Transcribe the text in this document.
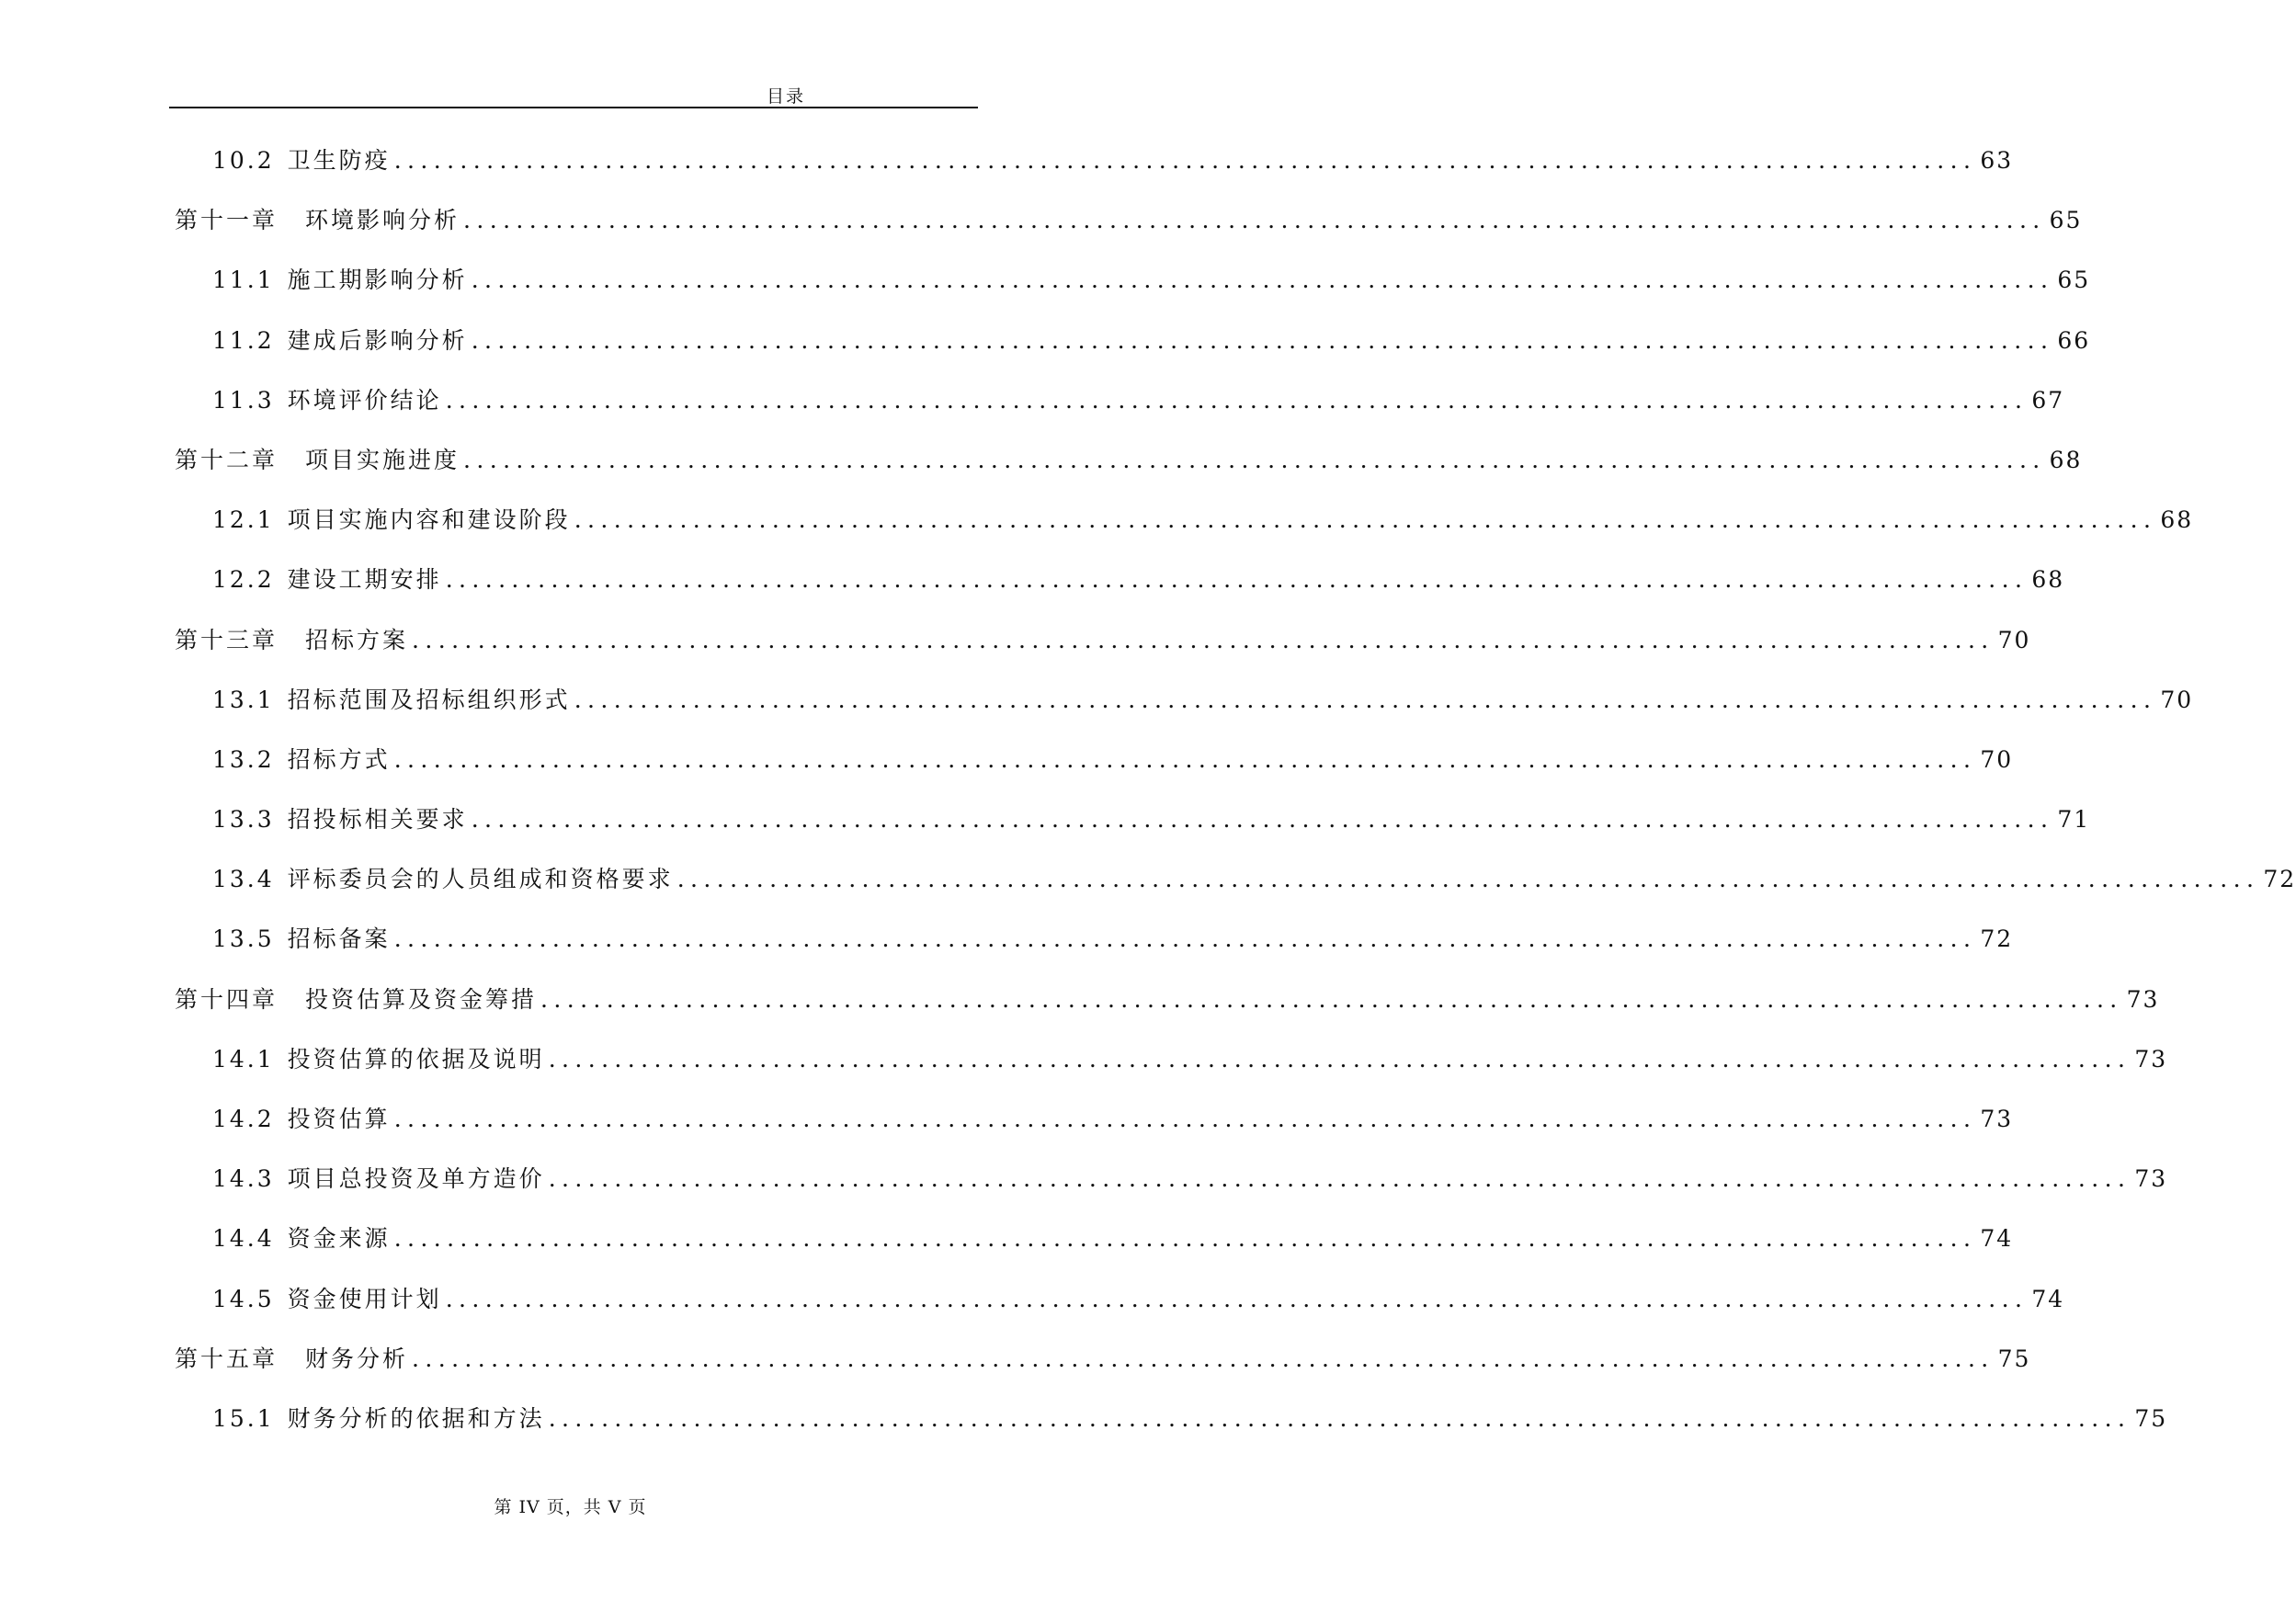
目录
10.2 卫生防疫 ........................................................................................................................ 63
第十一章	环境影响分析 ........................................................................................................................ 65
11.1 施工期影响分析 ........................................................................................................................ 65
11.2 建成后影响分析 ........................................................................................................................ 66
11.3 环境评价结论 ........................................................................................................................ 67
第十二章	项目实施进度 ........................................................................................................................ 68
12.1 项目实施内容和建设阶段 ........................................................................................................................ 68
12.2 建设工期安排 ........................................................................................................................ 68
第十三章	招标方案 ........................................................................................................................ 70
13.1 招标范围及招标组织形式 ........................................................................................................................ 70
13.2 招标方式 ........................................................................................................................ 70
13.3 招投标相关要求 ........................................................................................................................ 71
13.4 评标委员会的人员组成和资格要求 ........................................................................................................................ 72
13.5 招标备案 ........................................................................................................................ 72
第十四章	投资估算及资金筹措 ........................................................................................................................ 73
14.1 投资估算的依据及说明 ........................................................................................................................ 73
14.2 投资估算 ........................................................................................................................ 73
14.3 项目总投资及单方造价 ........................................................................................................................ 73
14.4 资金来源 ........................................................................................................................ 74
14.5 资金使用计划 ........................................................................................................................ 74
第十五章	财务分析 ........................................................................................................................ 75
15.1 财务分析的依据和方法 ........................................................................................................................ 75
第 IV 页，共 V 页
